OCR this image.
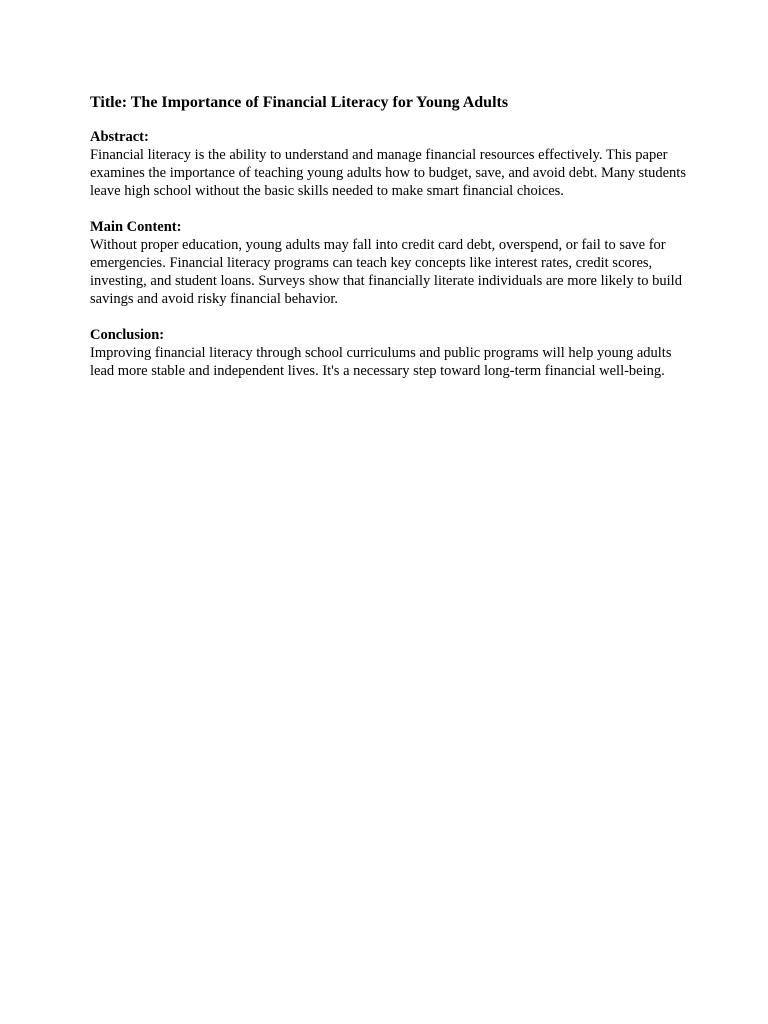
Title: The Importance of Financial Literacy for Young Adults

Abstract:

Financial literacy is the ability to understand and manage financial resources effectively. This paper examines the importance of teaching young adults how to budget, save, and avoid debt. Many students leave high school without the basic skills needed to make smart financial choices.

Main Content:

Without proper education, young adults may fall into credit card debt, overspend, or fail to save for emergencies. Financial literacy programs can teach key concepts like interest rates, credit scores, investing, and student loans. Surveys show that financially literate individuals are more likely to build savings and avoid risky financial behavior.

Conclusion:

Improving financial literacy through school curriculums and public programs will help young adults lead more stable and independent lives. It's a necessary step toward long-term financial well-being.
